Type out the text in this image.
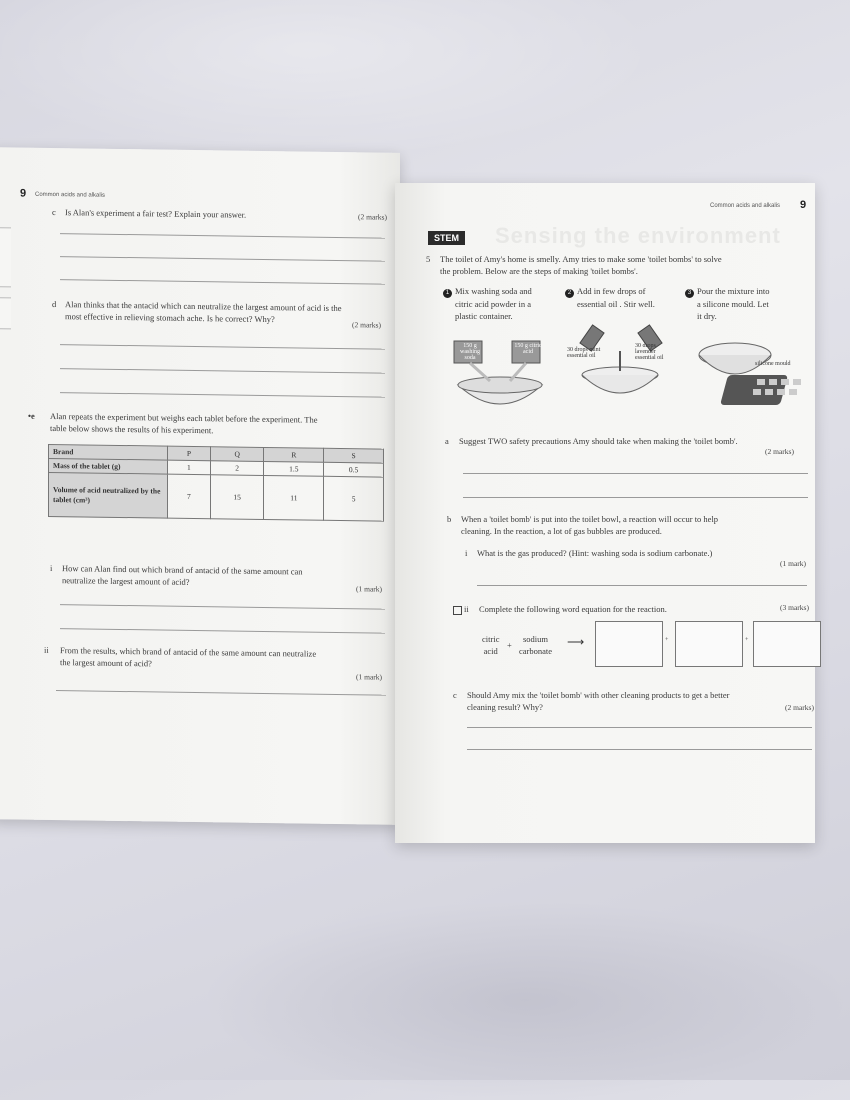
9 Common acids and alkalis
c Is Alan's experiment a fair test? Explain your answer.	(2 marks)
d Alan thinks that the antacid which can neutralize the largest amount of acid is the
most effective in relieving stomach ache. Is he correct? Why?
(2 marks)
•e Alan repeats the experiment but weighs each tablet before the experiment. The
table below shows the results of his experiment.
Brand	P	Q	R	S
Mass of the tablet (g)	1	2	1.5	0.5
Volume of acid neutralized by the tablet (cm³)	7	15	11	5
i How can Alan find out which brand of antacid of the same amount can
neutralize the largest amount of acid?
(1 mark)
ii From the results, which brand of antacid of the same amount can neutralize
the largest amount of acid?
(1 mark)
Common acids and alkalis 9
Sensing the environment
STEM
5 The toilet of Amy's home is smelly. Amy tries to make some 'toilet bombs' to solve
the problem. Below are the steps of making 'toilet bombs'.
1 Mix washing soda and
citric acid powder in a
plastic container.
2 Add in few drops of
essential oil . Stir well.
3 Pour the mixture into
a silicone mould. Let
it dry.
150 g washing soda
150 g citric acid	30 drops mint essential oil
30 drops lavender essential oil
silicone mould
a Suggest TWO safety precautions Amy should take when making the 'toilet bomb'.
(2 marks)
b When a 'toilet bomb' is put into the toilet bowl, a reaction will occur to help
cleaning. In the reaction, a lot of gas bubbles are produced.
i What is the gas produced? (Hint: washing soda is sodium carbonate.)
(1 mark)
ii Complete the following word equation for the reaction.	(3 marks)
citric
acid
+
sodium
carbonate
⟶	+	+
c Should Amy mix the 'toilet bomb' with other cleaning products to get a better
cleaning result? Why?	(2 marks)
